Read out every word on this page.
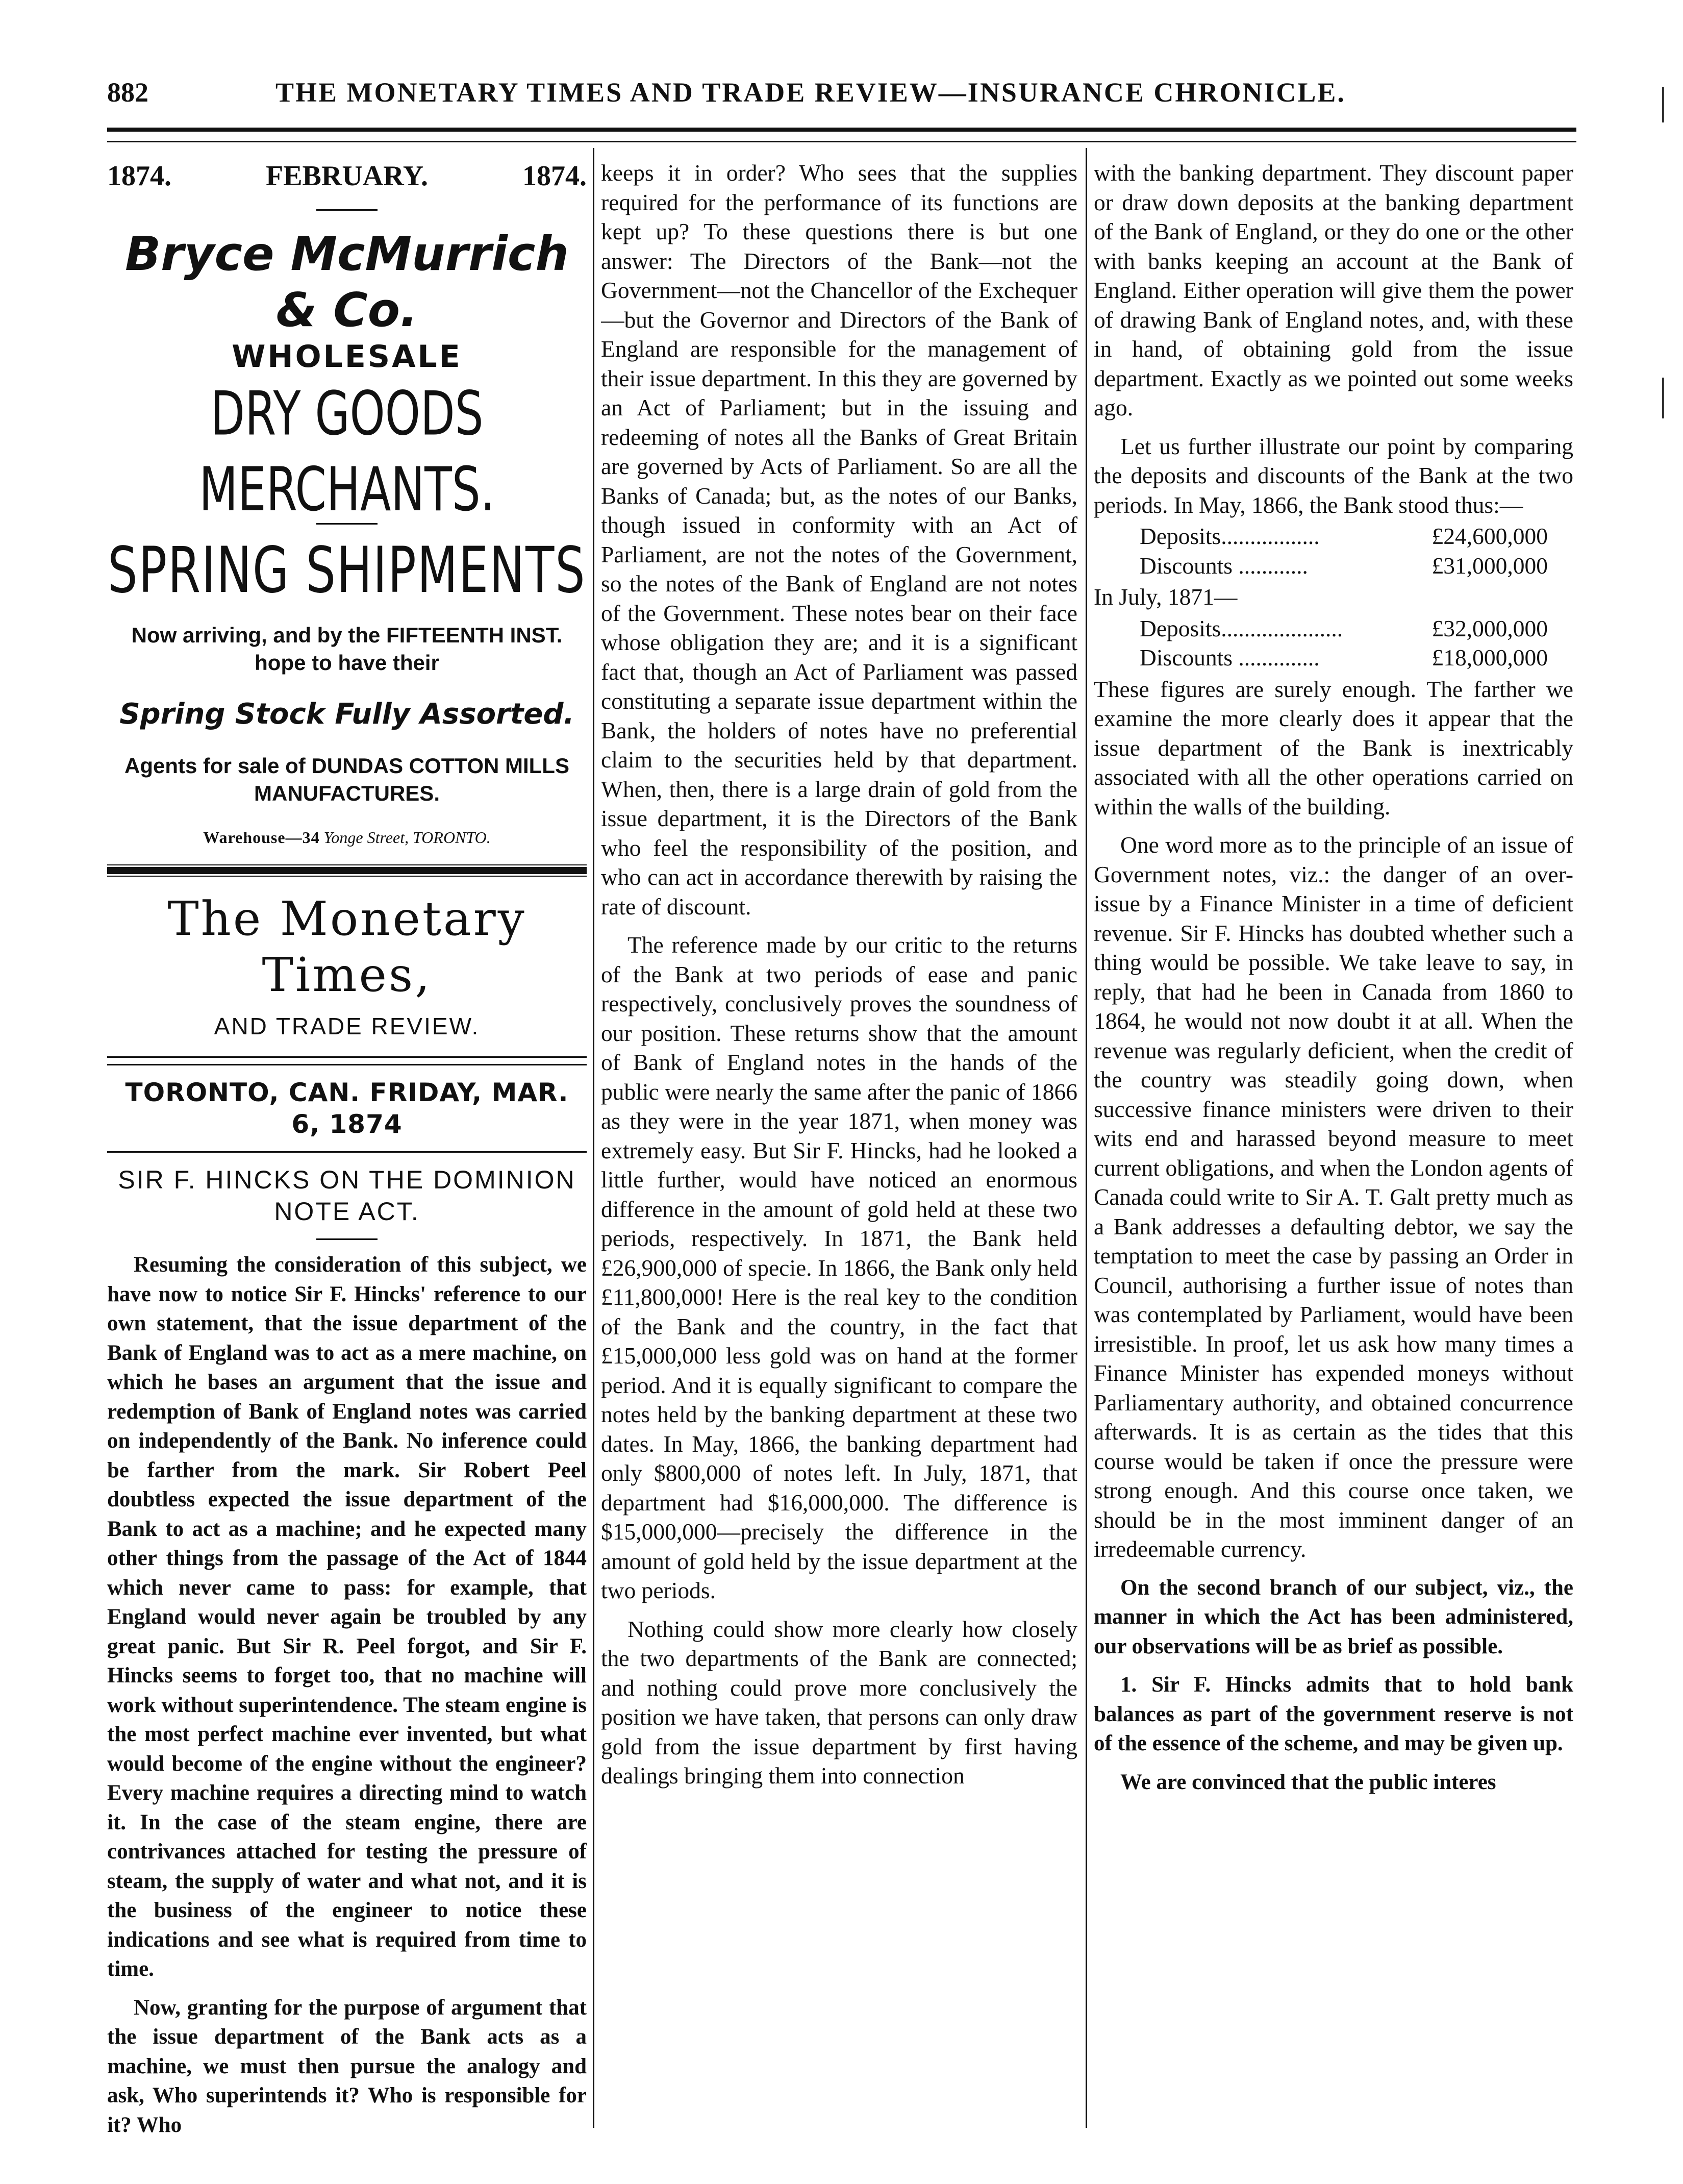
882	THE MONETARY TIMES AND TRADE REVIEW—INSURANCE CHRONICLE.
1874.	FEBRUARY.	1874.
Bryce McMurrich & Co.
WHOLESALE
DRY GOODS MERCHANTS.
SPRING SHIPMENTS
Now arriving, and by the FIFTEENTH INST. hope to have their
Spring Stock Fully Assorted.
Agents for sale of DUNDAS COTTON MILLS MANUFACTURES.
Warehouse—34 Yonge Street, TORONTO.
The Monetary Times,
AND TRADE REVIEW.
TORONTO, CAN. FRIDAY, MAR. 6, 1874
SIR F. HINCKS ON THE DOMINION NOTE ACT.

Resuming the consideration of this subject, we have now to notice Sir F. Hincks' reference to our own statement, that the issue department of the Bank of England was to act as a mere machine, on which he bases an argument that the issue and redemption of Bank of England notes was carried on independently of the Bank. No inference could be farther from the mark. Sir Robert Peel doubtless expected the issue department of the Bank to act as a machine; and he expected many other things from the passage of the Act of 1844 which never came to pass: for example, that England would never again be troubled by any great panic. But Sir R. Peel forgot, and Sir F. Hincks seems to forget too, that no machine will work without superintendence. The steam engine is the most perfect machine ever invented, but what would become of the engine without the engineer? Every machine requires a directing mind to watch it. In the case of the steam engine, there are contrivances attached for testing the pressure of steam, the supply of water and what not, and it is the business of the engineer to notice these indications and see what is required from time to time.

Now, granting for the purpose of argument that the issue department of the Bank acts as a machine, we must then pursue the analogy and ask, Who superintends it? Who is responsible for it? Who

keeps it in order? Who sees that the supplies required for the performance of its functions are kept up? To these questions there is but one answer: The Directors of the Bank—not the Government—not the Chancellor of the Exchequer—but the Governor and Directors of the Bank of England are responsible for the management of their issue department. In this they are governed by an Act of Parliament; but in the issuing and redeeming of notes all the Banks of Great Britain are governed by Acts of Parliament. So are all the Banks of Canada; but, as the notes of our Banks, though issued in conformity with an Act of Parliament, are not the notes of the Government, so the notes of the Bank of England are not notes of the Government. These notes bear on their face whose obligation they are; and it is a significant fact that, though an Act of Parliament was passed constituting a separate issue department within the Bank, the holders of notes have no preferential claim to the securities held by that department. When, then, there is a large drain of gold from the issue department, it is the Directors of the Bank who feel the responsibility of the position, and who can act in accordance therewith by raising the rate of discount.

The reference made by our critic to the returns of the Bank at two periods of ease and panic respectively, conclusively proves the soundness of our position. These returns show that the amount of Bank of England notes in the hands of the public were nearly the same after the panic of 1866 as they were in the year 1871, when money was extremely easy. But Sir F. Hincks, had he looked a little further, would have noticed an enormous difference in the amount of gold held at these two periods, respectively. In 1871, the Bank held £26,900,000 of specie. In 1866, the Bank only held £11,800,000! Here is the real key to the condition of the Bank and the country, in the fact that £15,000,000 less gold was on hand at the former period. And it is equally significant to compare the notes held by the banking department at these two dates. In May, 1866, the banking department had only $800,000 of notes left. In July, 1871, that department had $16,000,000. The difference is $15,000,000—precisely the difference in the amount of gold held by the issue department at the two periods.

Nothing could show more clearly how closely the two departments of the Bank are connected; and nothing could prove more conclusively the position we have taken, that persons can only draw gold from the issue department by first having dealings bringing them into connection

with the banking department. They discount paper or draw down deposits at the banking department of the Bank of England, or they do one or the other with banks keeping an account at the Bank of England. Either operation will give them the power of drawing Bank of England notes, and, with these in hand, of obtaining gold from the issue department. Exactly as we pointed out some weeks ago.

Let us further illustrate our point by comparing the deposits and discounts of the Bank at the two periods. In May, 1866, the Bank stood thus:—

Deposits.................	£24,600,000
Discounts ............	£31,000,000
In July, 1871—
Deposits.....................	£32,000,000
Discounts ..............	£18,000,000

These figures are surely enough. The farther we examine the more clearly does it appear that the issue department of the Bank is inextricably associated with all the other operations carried on within the walls of the building.

One word more as to the principle of an issue of Government notes, viz.: the danger of an over-issue by a Finance Minister in a time of deficient revenue. Sir F. Hincks has doubted whether such a thing would be possible. We take leave to say, in reply, that had he been in Canada from 1860 to 1864, he would not now doubt it at all. When the revenue was regularly deficient, when the credit of the country was steadily going down, when successive finance ministers were driven to their wits end and harassed beyond measure to meet current obligations, and when the London agents of Canada could write to Sir A. T. Galt pretty much as a Bank addresses a defaulting debtor, we say the temptation to meet the case by passing an Order in Council, authorising a further issue of notes than was contemplated by Parliament, would have been irresistible. In proof, let us ask how many times a Finance Minister has expended moneys without Parliamentary authority, and obtained concurrence afterwards. It is as certain as the tides that this course would be taken if once the pressure were strong enough. And this course once taken, we should be in the most imminent danger of an irredeemable currency.

On the second branch of our subject, viz., the manner in which the Act has been administered, our observations will be as brief as possible.

1. Sir F. Hincks admits that to hold bank balances as part of the government reserve is not of the essence of the scheme, and may be given up.

We are convinced that the public interes
